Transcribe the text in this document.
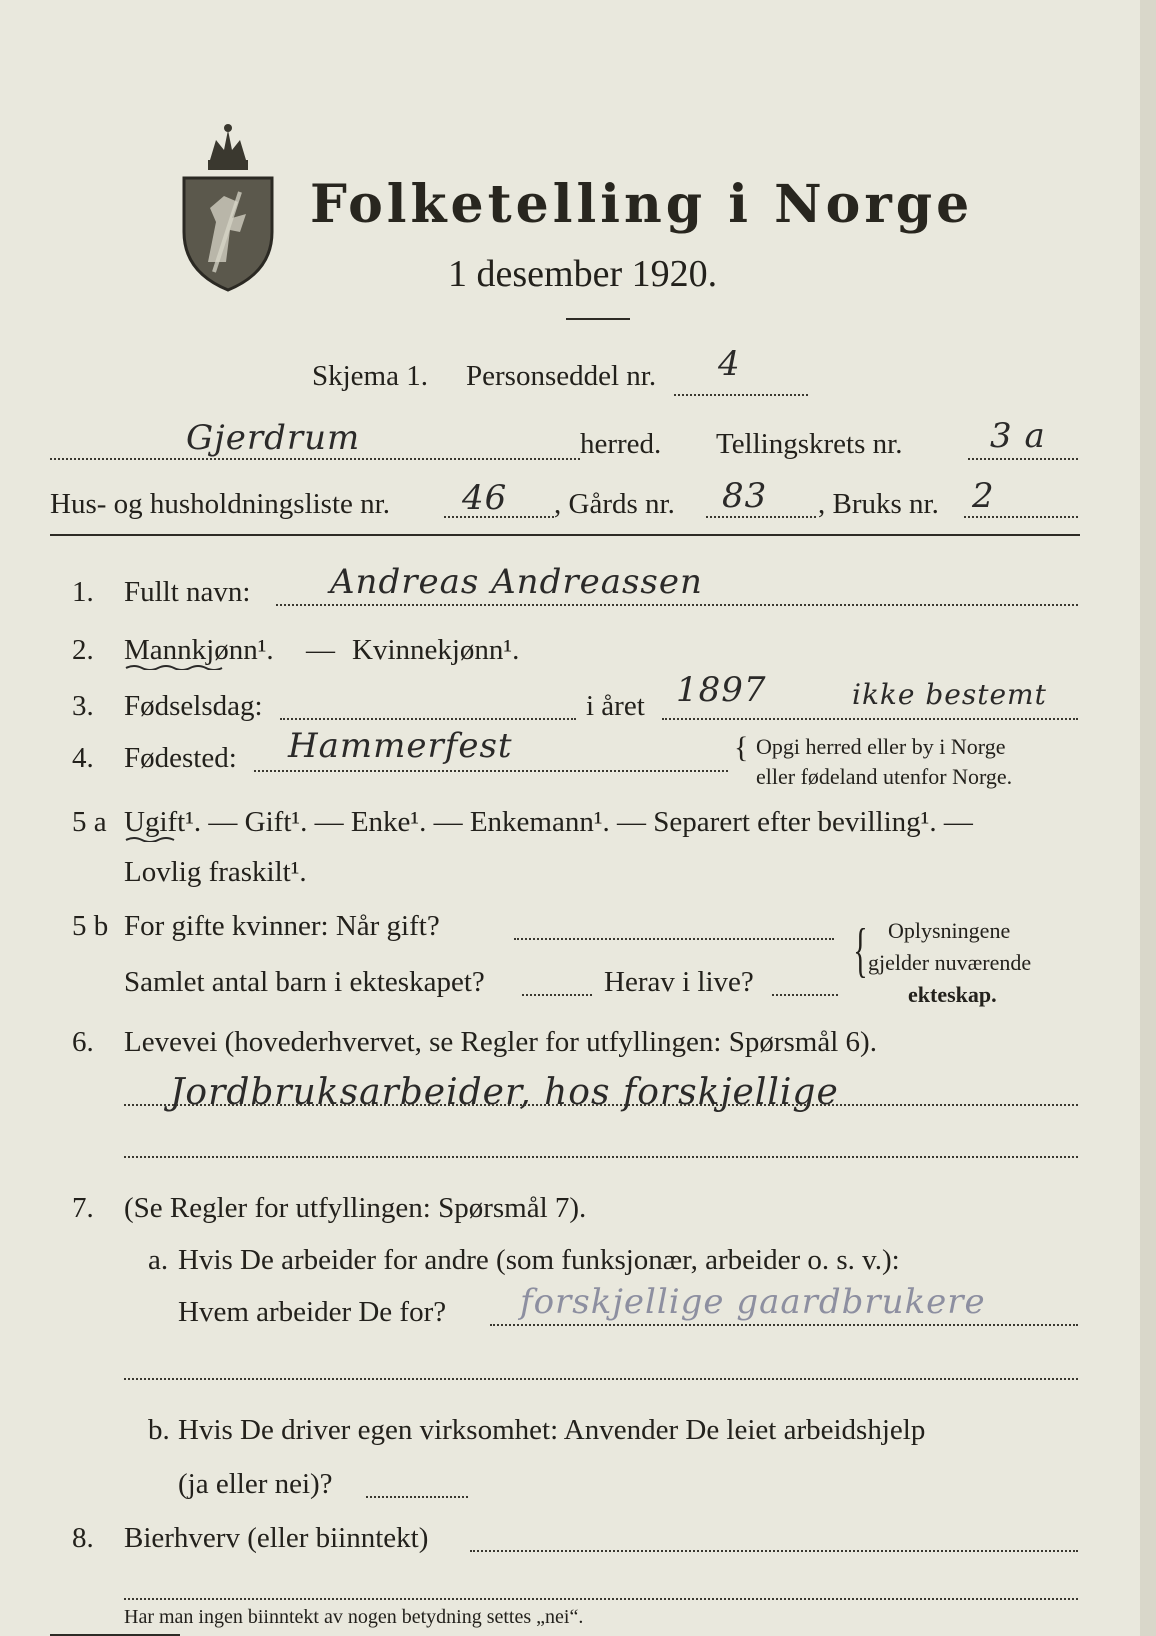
Folketelling i Norge
1 desember 1920.
Skjema 1. Personseddel nr. 4
Gjerdrum	herred. Tellingskrets nr.	3 a
Hus- og husholdningsliste nr. 46 , Gårds nr. 83 , Bruks nr. 2
1. Fullt navn: Andreas Andreassen
2. Mannkjønn¹. — Kvinnekjønn¹.
3. Fødselsdag:	i året 1897	ikke bestemt
4. Fødested: Hammerfest	{ Opgi herred eller by i Norge
eller fødeland utenfor Norge.
5 a Ugift¹. — Gift¹. — Enke¹. — Enkemann¹. — Separert efter bevilling¹. —
Lovlig fraskilt¹.
5 b For gifte kvinner: Når gift?
Samlet antal barn i ekteskapet?	Herav i live? { Oplysningene
gjelder nuværende
ekteskap.
6. Levevei (hovederhvervet, se Regler for utfyllingen: Spørsmål 6).
Jordbruksarbeider, hos forskjellige
7. (Se Regler for utfyllingen: Spørsmål 7).
a. Hvis De arbeider for andre (som funksjonær, arbeider o. s. v.):
Hvem arbeider De for? forskjellige gaardbrukere
b. Hvis De driver egen virksomhet: Anvender De leiet arbeidshjelp
(ja eller nei)?
8. Bierhverv (eller biinntekt)
Har man ingen biinntekt av nogen betydning settes „nei“.
